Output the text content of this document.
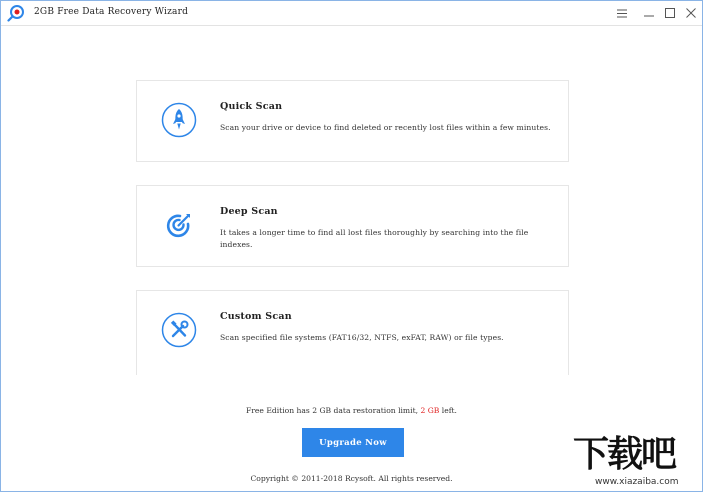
2GB Free Data Recovery Wizard
Quick Scan
Scan your drive or device to find deleted or recently lost files within a few minutes.
Deep Scan
It takes a longer time to find all lost files thoroughly by searching into the file indexes.
Custom Scan
Scan specified file systems (FAT16/32, NTFS, exFAT, RAW) or file types.
Free Edition has 2 GB data restoration limit, 2 GB left.
Upgrade Now
Copyright © 2011-2018 Rcysoft. All rights reserved.
下载吧
www.xiazaiba.com
